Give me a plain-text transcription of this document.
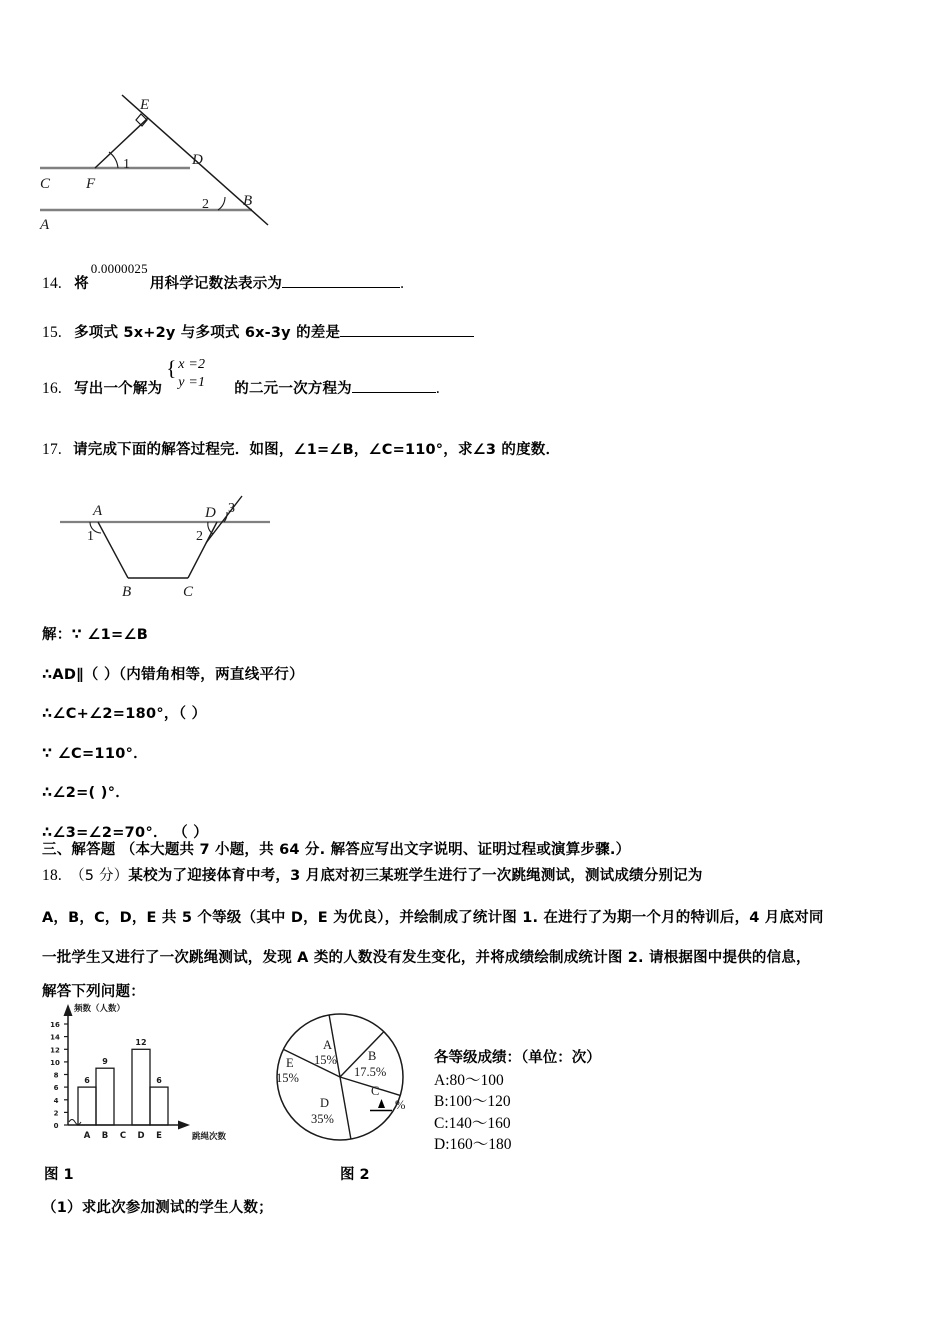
E
1
C F
D
2 B
A
14. 将$^{0.0000025}$用科学记数法表示为	.
15. 多项式 5x+2y 与多项式 6x-3y 的差是
16. 写出一个解为
{ x =2
y =1 的二元一次方程为	.
17. 请完成下面的解答过程完．如图，∠1=∠B，∠C=110°，求∠3 的度数．
A	D 3
1	2
B	C
解：∵ ∠1=∠B
∴AD∥（ ）（内错角相等，两直线平行）
∴∠C+∠2=180°，（ ）
∵ ∠C=110°．
∴∠2=( )°．
∴∠3=∠2=70°． （ ）
三、解答题 （本大题共 7 小题，共 64 分. 解答应写出文字说明、证明过程或演算步骤.）
18. （5 分）某校为了迎接体育中考，3 月底对初三某班学生进行了一次跳绳测试，测试成绩分别记为
A，B，C，D，E 共 5 个等级（其中 D，E 为优良），并绘制成了统计图 1. 在进行了为期一个月的特训后，4 月底对同
一批学生又进行了一次跳绳测试，发现 A 类的人数没有发生变化，并将成绩绘制成统计图 2. 请根据图中提供的信息，
解答下列问题：
0
2
4
6
8
10
12
14
16
6
9
12
6
A B C D E
频数（人数）
跳绳次数
A
15% B
17.5%
C
%
D
35%
E
15%
各等级成绩：（单位：次）
A:80～100
B:100～120
C:140～160
D:160～180
图 1	图 2
（1）求此次参加测试的学生人数；
